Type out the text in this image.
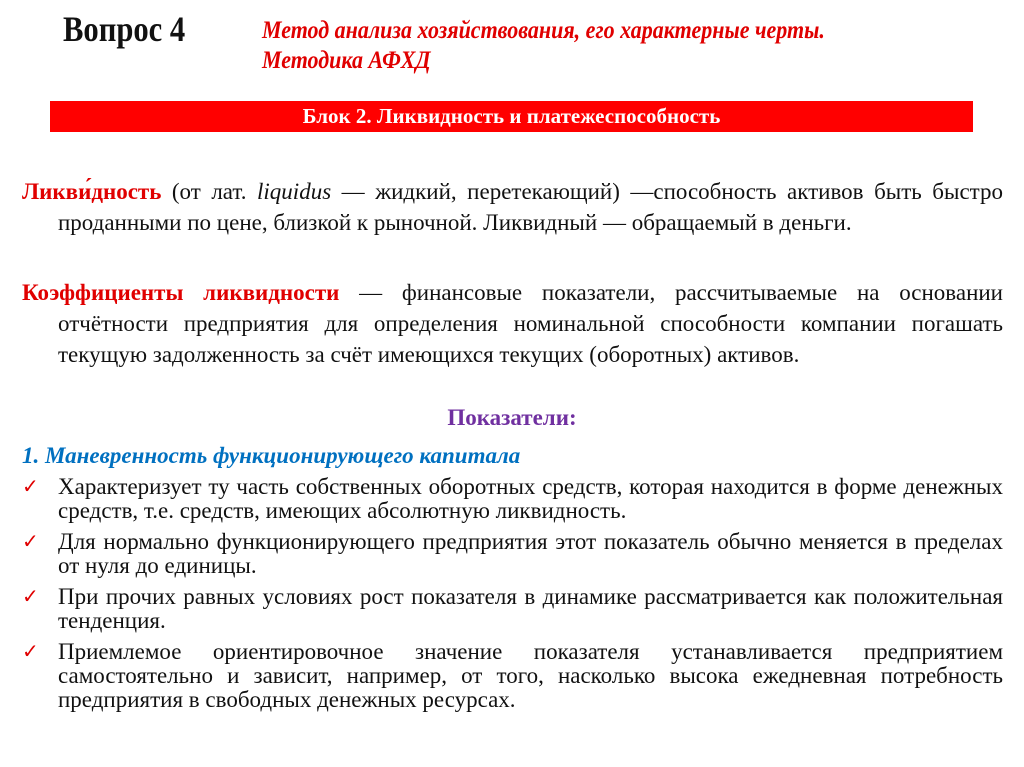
Вопрос 4	Метод анализа хозяйствования, его характерные черты.
Методика АФХД
Блок 2. Ликвидность и платежеспособность
Ликви́дность (от лат. liquidus — жидкий, перетекающий) —способность активов быть быстро проданными по цене, близкой к рыночной. Ликвидный — обращаемый в деньги.
Коэффициенты ликвидности — финансовые показатели, рассчитываемые на основании отчётности предприятия для определения номинальной способности компании погашать текущую задолженность за счёт имеющихся текущих (оборотных) активов.
Показатели:
1. Маневренность функционирующего капитала
✓ Характеризует ту часть собственных оборотных средств, которая находится в форме денежных средств, т.е. средств, имеющих абсолютную ликвидность.
✓ Для нормально функционирующего предприятия этот показатель обычно меняется в пределах от нуля до единицы.
✓ При прочих равных условиях рост показателя в динамике рассматривается как положительная тенденция.
✓ Приемлемое ориентировочное значение показателя устанавливается предприятием самостоятельно и зависит, например, от того, насколько высока ежедневная потребность предприятия в свободных денежных ресурсах.
